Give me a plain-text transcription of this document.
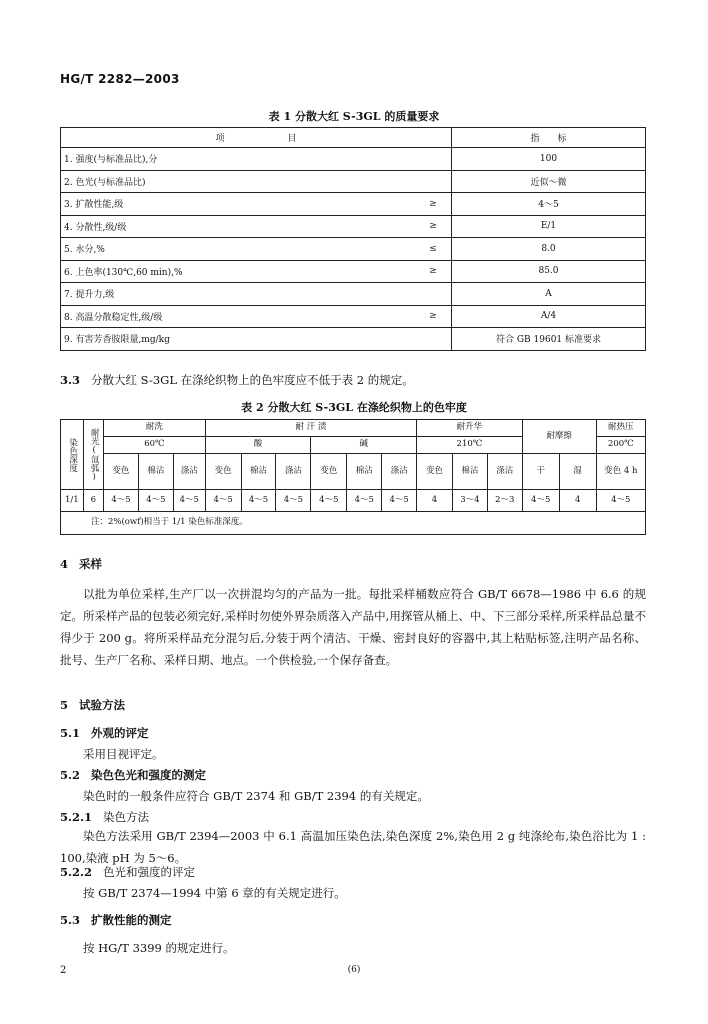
HG/T 2282—2003
表 1 分散大红 S-3GL 的质量要求
项　　　　　　　目		指　　标
1. 强度(与标准品比),分		100
2. 色光(与标准品比)		近似～微
3. 扩散性能,级	≥	4～5
4. 分散性,级/级	≥	E/1
5. 水分,%	≤	8.0
6. 上色率(130℃,60 min),%	≥	85.0
7. 提升力,级		A
8. 高温分散稳定性,级/级	≥	A/4
9. 有害芳香胺限量,mg/kg		符合 GB 19601 标准要求
3.3 分散大红 S-3GL 在涤纶织物上的色牢度应不低于表 2 的规定。
表 2 分散大红 S-3GL 在涤纶织物上的色牢度
染色深度	耐光(氙弧)	耐洗			耐 汗 渍						耐升华			耐摩擦		耐热压
		60℃			酸			碱			210℃					200℃
		变色	棉沾	涤沾	变色	棉沾	涤沾	变色	棉沾	涤沾	变色	棉沾	涤沾	干	湿	变色 4 h
1/1	6	4～5	4～5	4～5	4～5	4～5	4～5	4～5	4～5	4～5	4	3～4	2～3	4～5	4	4～5
注：2%(owf)相当于 1/1 染色标准深度。																
4 采样
以批为单位采样,生产厂以一次拼混均匀的产品为一批。每批采样桶数应符合 GB/T 6678—1986 中 6.6 的规定。所采样产品的包装必须完好,采样时勿使外界杂质落入产品中,用探管从桶上、中、下三部分采样,所采样品总量不得少于 200 g。将所采样品充分混匀后,分装于两个清洁、干燥、密封良好的容器中,其上粘贴标签,注明产品名称、批号、生产厂名称、采样日期、地点。一个供检验,一个保存备查。
5 试验方法
5.1 外观的评定
采用目视评定。
5.2 染色色光和强度的测定
染色时的一般条件应符合 GB/T 2374 和 GB/T 2394 的有关规定。
5.2.1 染色方法
染色方法采用 GB/T 2394—2003 中 6.1 高温加压染色法,染色深度 2%,染色用 2 g 纯涤纶布,染色浴比为 1 : 100,染液 pH 为 5～6。
5.2.2 色光和强度的评定
按 GB/T 2374—1994 中第 6 章的有关规定进行。
5.3 扩散性能的测定
按 HG/T 3399 的规定进行。
2	(6)
